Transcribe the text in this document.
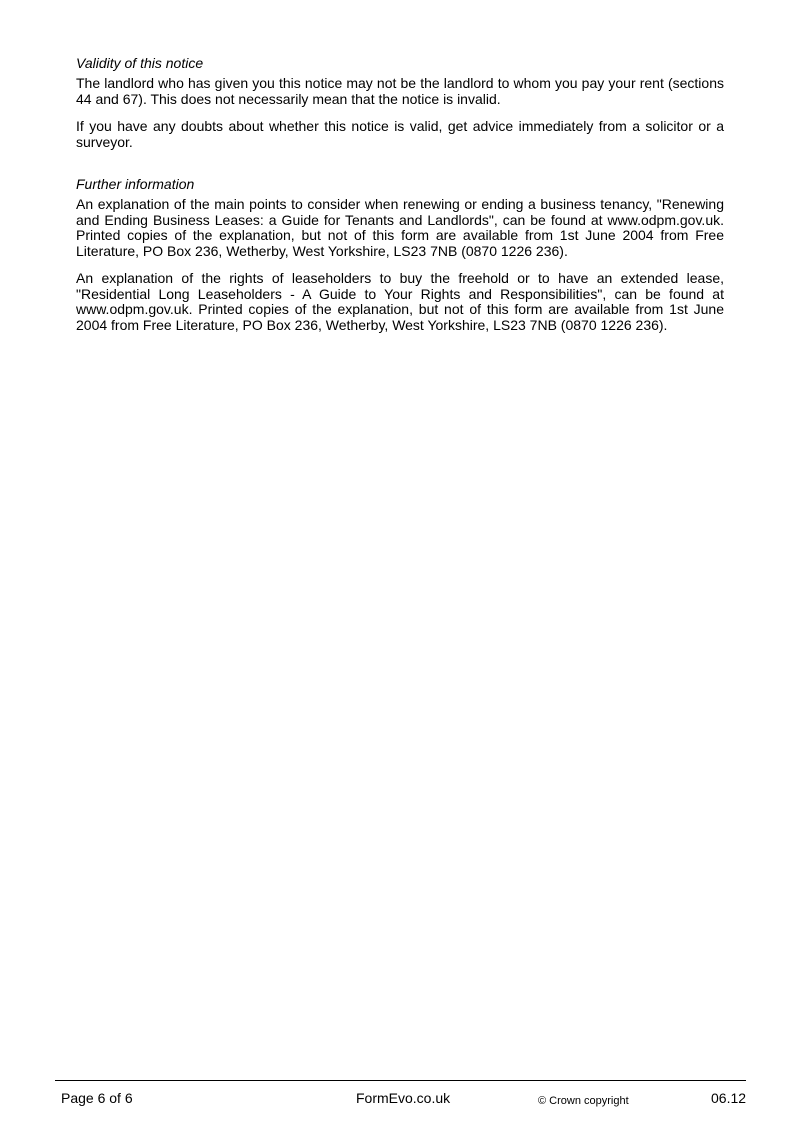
Validity of this notice

The landlord who has given you this notice may not be the landlord to whom you pay your rent (sections 44 and 67). This does not necessarily mean that the notice is invalid.

If you have any doubts about whether this notice is valid, get advice immediately from a solicitor or a surveyor.

Further information

An explanation of the main points to consider when renewing or ending a business tenancy, "Renewing and Ending Business Leases: a Guide for Tenants and Landlords", can be found at www.odpm.gov.uk. Printed copies of the explanation, but not of this form are available from 1st June 2004 from Free Literature, PO Box 236, Wetherby, West Yorkshire, LS23 7NB (0870 1226 236).

An explanation of the rights of leaseholders to buy the freehold or to have an extended lease, "Residential Long Leaseholders - A Guide to Your Rights and Responsibilities", can be found at www.odpm.gov.uk. Printed copies of the explanation, but not of this form are available from 1st June 2004 from Free Literature, PO Box 236, Wetherby, West Yorkshire, LS23 7NB (0870 1226 236).

Page 6 of 6	FormEvo.co.uk	© Crown copyright	06.12
